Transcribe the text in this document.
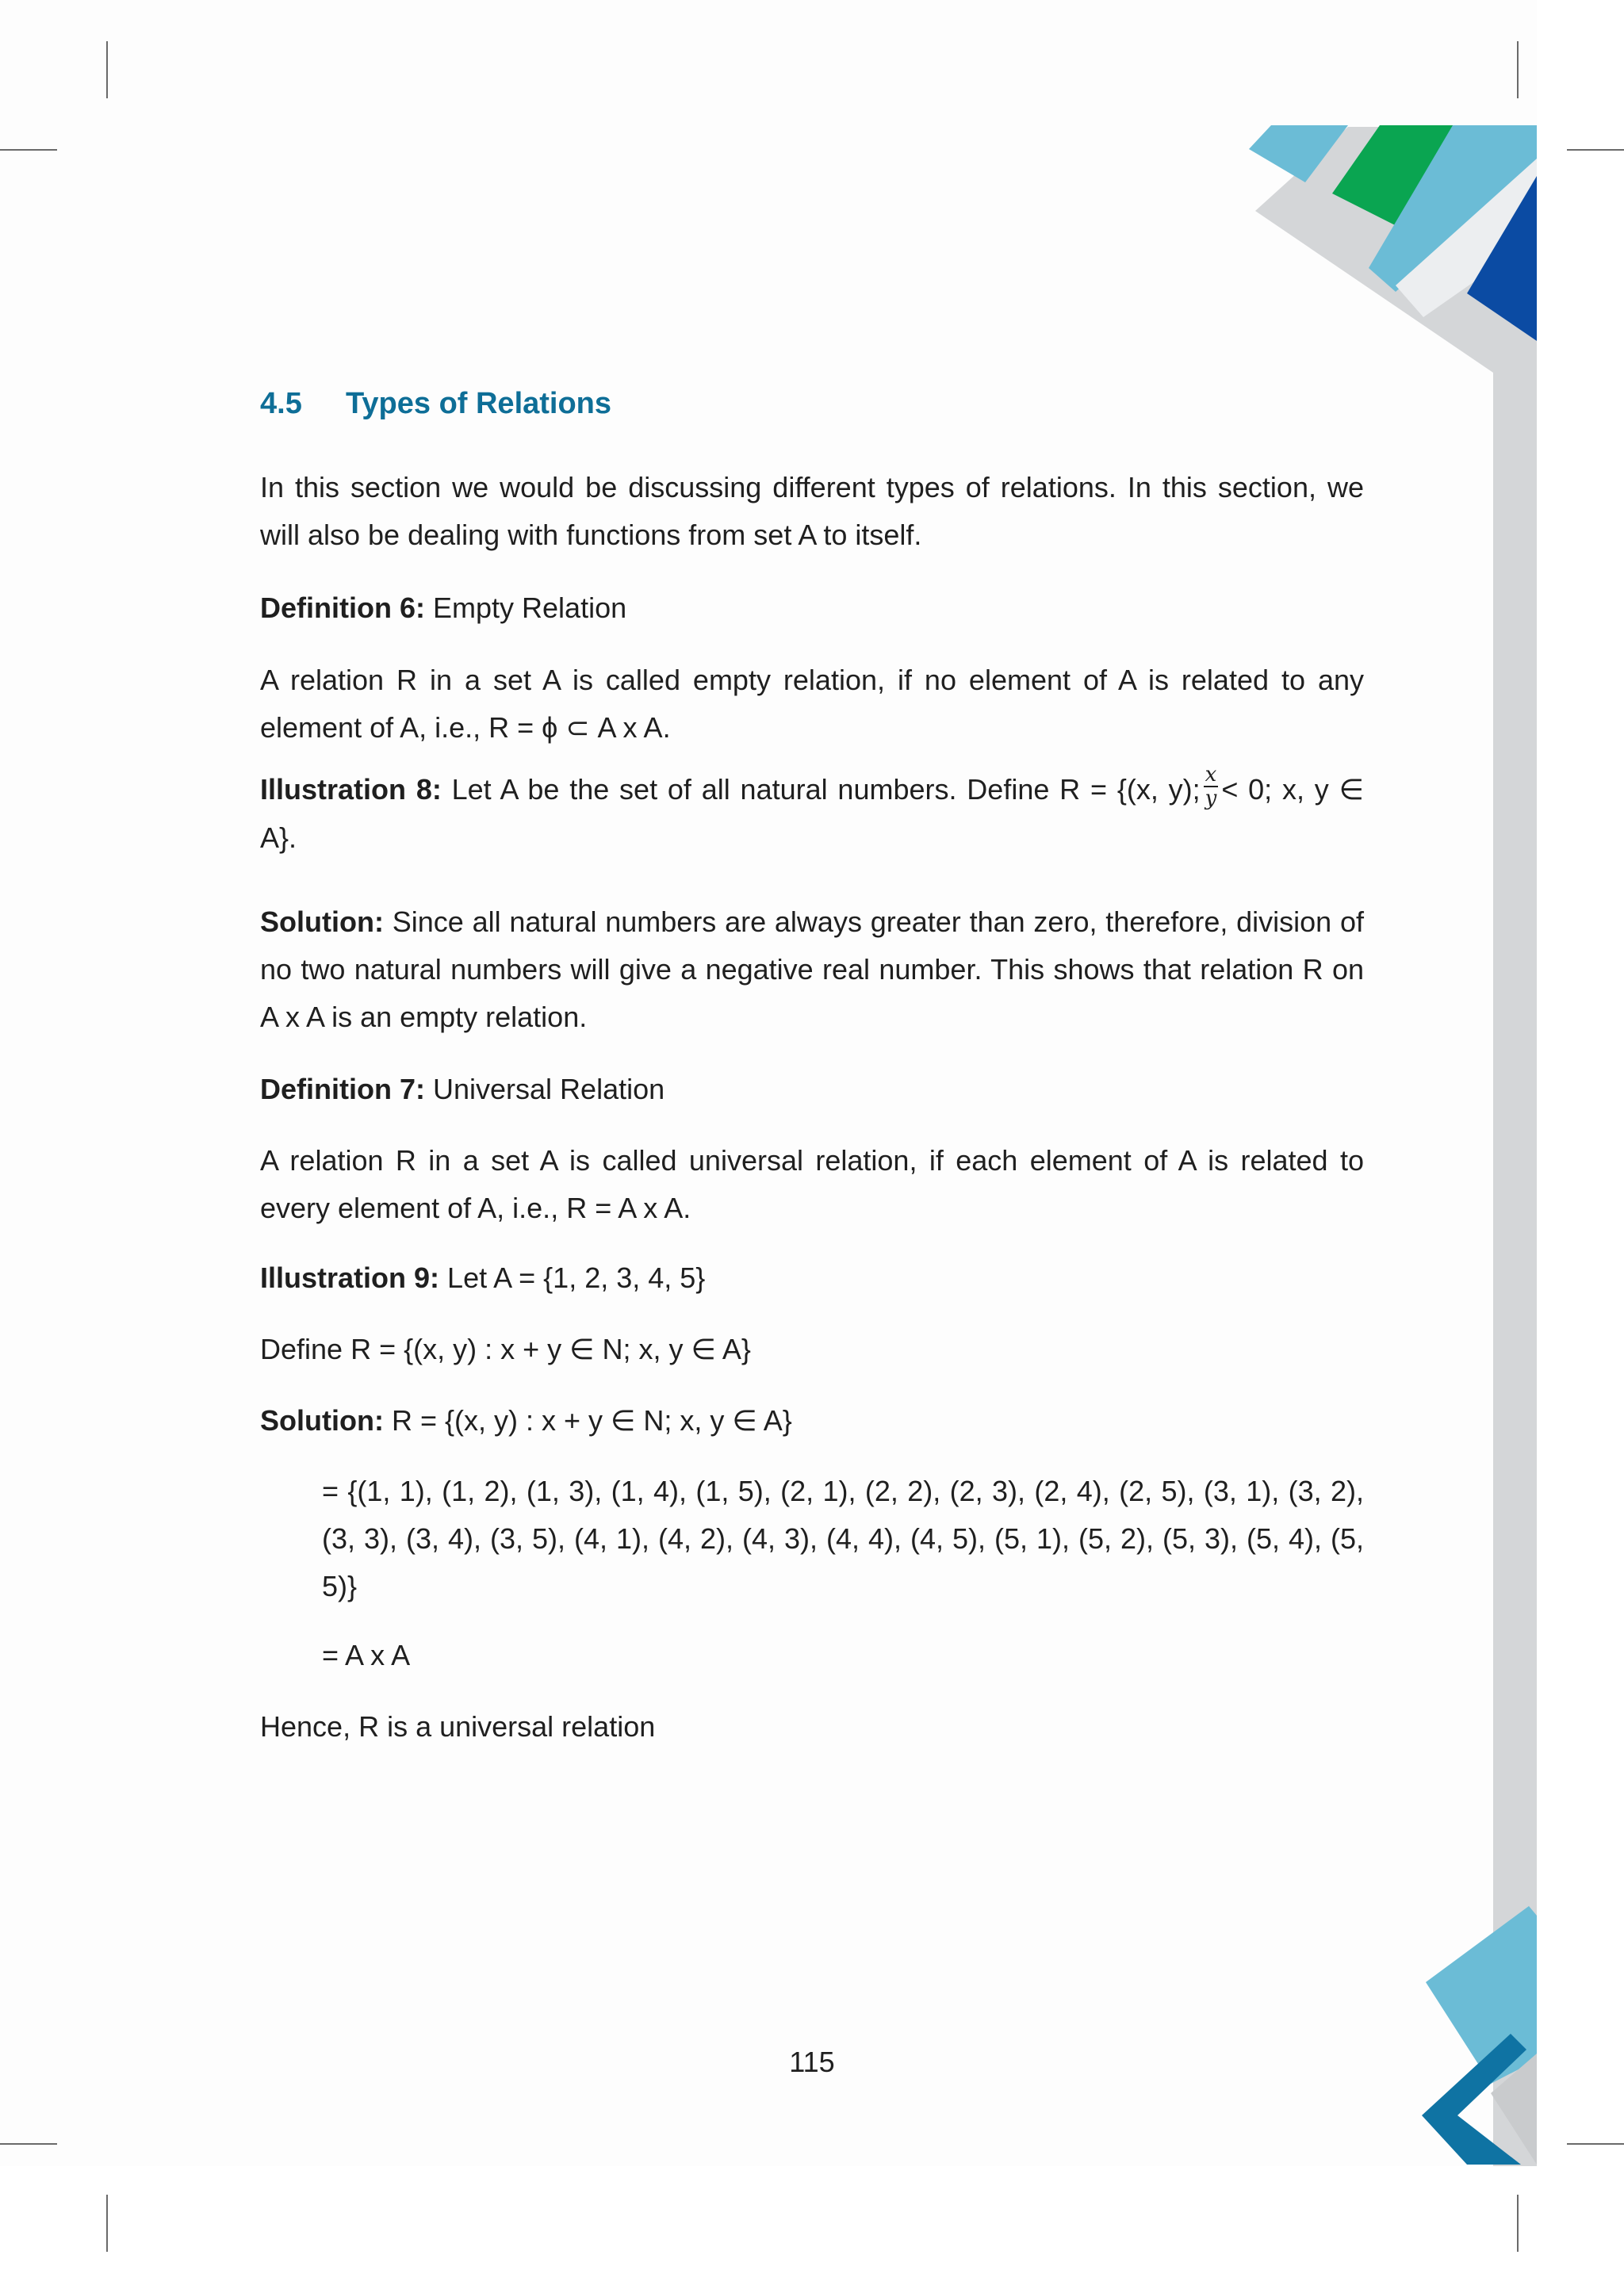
4.5 Types of Relations
In this section we would be discussing different types of relations. In this section, we will also be dealing with functions from set A to itself.
Definition 6: Empty Relation
A relation R in a set A is called empty relation, if no element of A is related to any element of A, i.e., R = ϕ ⊂ A x A.
Illustration 8: Let A be the set of all natural numbers. Define R = {(x, y); $\frac{x}{y} < 0$; x, y ∈ A}.
Solution: Since all natural numbers are always greater than zero, therefore, division of no two natural numbers will give a negative real number. This shows that relation R on A x A is an empty relation.
Definition 7: Universal Relation
A relation R in a set A is called universal relation, if each element of A is related to every element of A, i.e., R = A x A.
Illustration 9: Let A = {1, 2, 3, 4, 5}
Define R = {(x, y) : x + y ∈ N; x, y ∈ A}
Solution: R = {(x, y) : x + y ∈ N; x, y ∈ A}
= {(1, 1), (1, 2), (1, 3), (1, 4), (1, 5), (2, 1), (2, 2), (2, 3), (2, 4), (2, 5), (3, 1), (3, 2), (3, 3), (3, 4), (3, 5), (4, 1), (4, 2), (4, 3), (4, 4), (4, 5), (5, 1), (5, 2), (5, 3), (5, 4), (5, 5)}
= A x A
Hence, R is a universal relation
115
